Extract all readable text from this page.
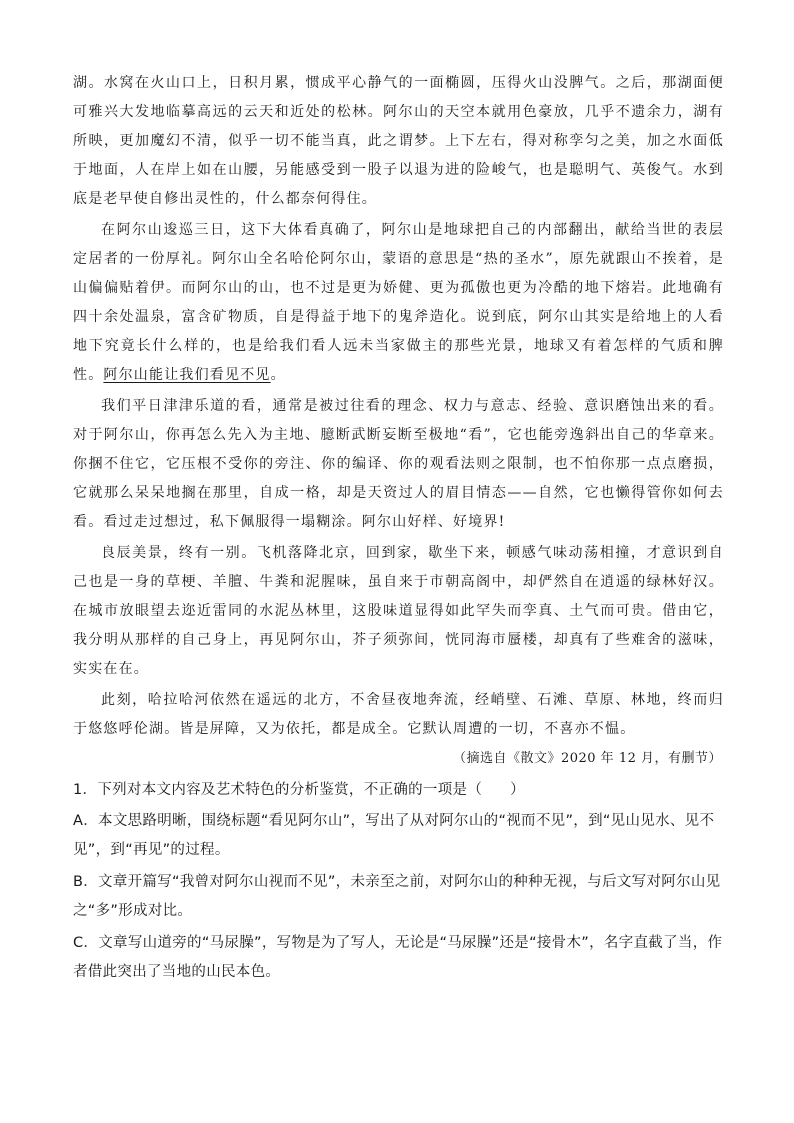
湖。水窝在火山口上，日积月累，惯成平心静气的一面椭圆，压得火山没脾气。之后，那湖面便可雅兴大发地临摹高远的云天和近处的松林。阿尔山的天空本就用色豪放，几乎不遗余力，湖有所映，更加魔幻不清，似乎一切不能当真，此之谓梦。上下左右，得对称孪匀之美，加之水面低于地面，人在岸上如在山腰，另能感受到一股子以退为进的险峻气，也是聪明气、英俊气。水到底是老早使自修出灵性的，什么都奈何得住。

在阿尔山逡巡三日，这下大体看真确了，阿尔山是地球把自己的内部翻出，献给当世的表层定居者的一份厚礼。阿尔山全名哈伦阿尔山，蒙语的意思是“热的圣水”，原先就跟山不挨着，是山偏偏贴着伊。而阿尔山的山，也不过是更为娇健、更为孤傲也更为冷酷的地下熔岩。此地确有四十余处温泉，富含矿物质，自是得益于地下的鬼斧造化。说到底，阿尔山其实是给地上的人看地下究竟长什么样的，也是给我们看人远未当家做主的那些光景，地球又有着怎样的气质和脾性。阿尔山能让我们看见不见。

我们平日津津乐道的看，通常是被过往看的理念、权力与意志、经验、意识磨蚀出来的看。对于阿尔山，你再怎么先入为主地、臆断武断妄断至极地“看”，它也能旁逸斜出自己的华章来。你捆不住它，它压根不受你的旁注、你的编译、你的观看法则之限制，也不怕你那一点点磨损，它就那么呆呆地搁在那里，自成一格，却是天资过人的眉目情态——自然，它也懒得管你如何去看。看过走过想过，私下佩服得一塌糊涂。阿尔山好样、好境界!

良辰美景，终有一别。飞机落降北京，回到家，歇坐下来，顿感气味动荡相撞，才意识到自己也是一身的草梗、羊膻、牛粪和泥腥味，虽自来于市朝高阁中，却俨然自在逍遥的绿林好汉。在城市放眼望去迩近雷同的水泥丛林里，这股味道显得如此罕失而孪真、土气而可贵。借由它，我分明从那样的自己身上，再见阿尔山，芥子须弥间，恍同海市蜃楼，却真有了些难舍的滋味，实实在在。

此刻，哈拉哈河依然在遥远的北方，不舍昼夜地奔流，经峭壁、石滩、草原、林地，终而归于悠悠呼伦湖。皆是屏障，又为依托，都是成全。它默认周遭的一切，不喜亦不愠。

（摘选自《散文》2020 年 12 月，有删节）

1．下列对本文内容及艺术特色的分析鉴赏，不正确的一项是（ ）

A．本文思路明晰，围绕标题“看见阿尔山”，写出了从对阿尔山的“视而不见”，到“见山见水、见不见”，到“再见”的过程。

B．文章开篇写“我曾对阿尔山视而不见”，未亲至之前，对阿尔山的种种无视，与后文写对阿尔山见之“多”形成对比。

C．文章写山道旁的“马尿臊”，写物是为了写人，无论是“马尿臊”还是“接骨木”，名字直截了当，作者借此突出了当地的山民本色。
